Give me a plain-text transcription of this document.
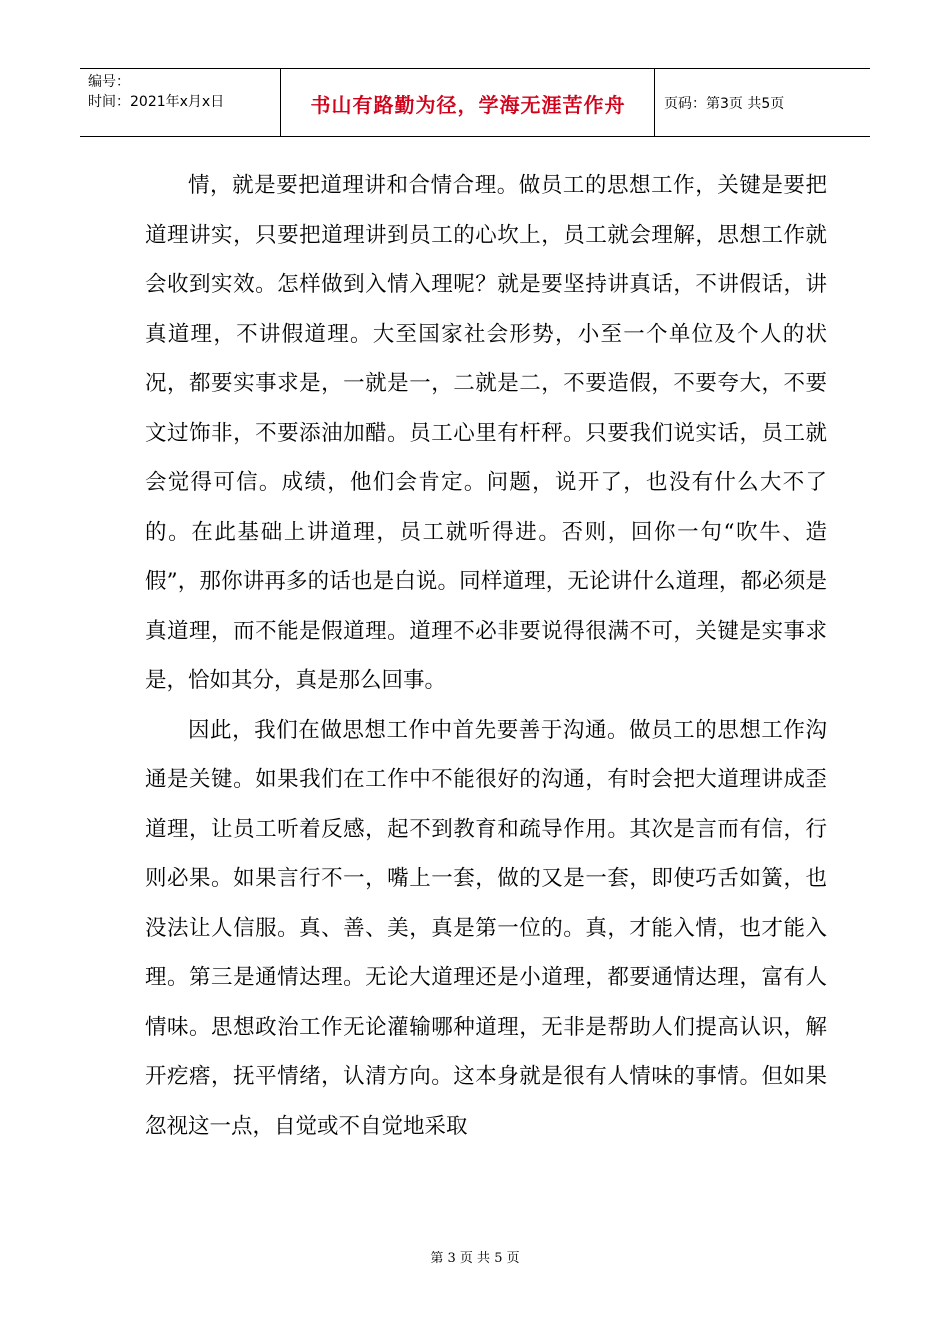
编号：
时间：2021年x月x日	书山有路勤为径，学海无涯苦作舟	页码：第3页 共5页

情，就是要把道理讲和合情合理。做员工的思想工作，关键是要把道理讲实，只要把道理讲到员工的心坎上，员工就会理解，思想工作就会收到实效。怎样做到入情入理呢？就是要坚持讲真话，不讲假话，讲真道理，不讲假道理。大至国家社会形势，小至一个单位及个人的状况，都要实事求是，一就是一，二就是二，不要造假，不要夸大，不要文过饰非，不要添油加醋。员工心里有杆秤。只要我们说实话，员工就会觉得可信。成绩，他们会肯定。问题，说开了，也没有什么大不了的。在此基础上讲道理，员工就听得进。否则，回你一句“吹牛、造假”，那你讲再多的话也是白说。同样道理，无论讲什么道理，都必须是真道理，而不能是假道理。道理不必非要说得很满不可，关键是实事求是，恰如其分，真是那么回事。

因此，我们在做思想工作中首先要善于沟通。做员工的思想工作沟通是关键。如果我们在工作中不能很好的沟通，有时会把大道理讲成歪道理，让员工听着反感，起不到教育和疏导作用。其次是言而有信，行则必果。如果言行不一，嘴上一套，做的又是一套，即使巧舌如簧，也没法让人信服。真、善、美，真是第一位的。真，才能入情，也才能入理。第三是通情达理。无论大道理还是小道理，都要通情达理，富有人情味。思想政治工作无论灌输哪种道理，无非是帮助人们提高认识，解开疙瘩，抚平情绪，认清方向。这本身就是很有人情味的事情。但如果忽视这一点，自觉或不自觉地采取

第 3 页 共 5 页
